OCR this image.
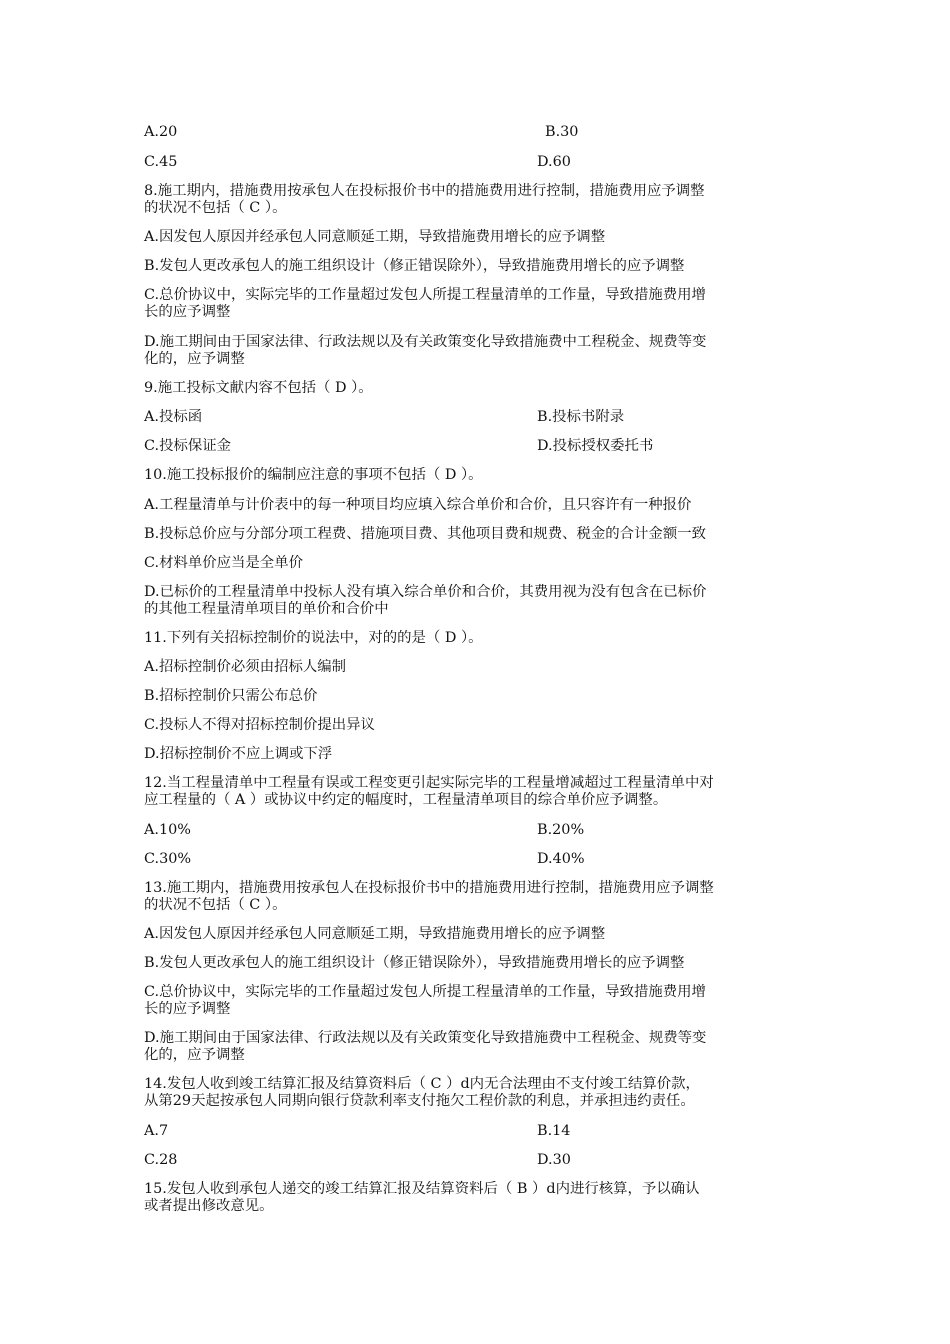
A.20	B.30
C.45	D.60
8.施工期内，措施费用按承包人在投标报价书中的措施费用进行控制，措施费用应予调整
的状况不包括（ C ）。
A.因发包人原因并经承包人同意顺延工期，导致措施费用增长的应予调整
B.发包人更改承包人的施工组织设计（修正错误除外），导致措施费用增长的应予调整
C.总价协议中，实际完毕的工作量超过发包人所提工程量清单的工作量，导致措施费用增
长的应予调整
D.施工期间由于国家法律、行政法规以及有关政策变化导致措施费中工程税金、规费等变
化的，应予调整
9.施工投标文献内容不包括（ D ）。
A.投标函	B.投标书附录
C.投标保证金	D.投标授权委托书
10.施工投标报价的编制应注意的事项不包括（ D ）。
A.工程量清单与计价表中的每一种项目均应填入综合单价和合价，且只容许有一种报价
B.投标总价应与分部分项工程费、措施项目费、其他项目费和规费、税金的合计金额一致
C.材料单价应当是全单价
D.已标价的工程量清单中投标人没有填入综合单价和合价，其费用视为没有包含在已标价
的其他工程量清单项目的单价和合价中
11.下列有关招标控制价的说法中，对的的是（ D ）。
A.招标控制价必须由招标人编制
B.招标控制价只需公布总价
C.投标人不得对招标控制价提出异议
D.招标控制价不应上调或下浮
12.当工程量清单中工程量有误或工程变更引起实际完毕的工程量增减超过工程量清单中对
应工程量的（ A ）或协议中约定的幅度时，工程量清单项目的综合单价应予调整。
A.10%	B.20%
C.30%	D.40%
13.施工期内，措施费用按承包人在投标报价书中的措施费用进行控制，措施费用应予调整
的状况不包括（ C ）。
A.因发包人原因并经承包人同意顺延工期，导致措施费用增长的应予调整
B.发包人更改承包人的施工组织设计（修正错误除外），导致措施费用增长的应予调整
C.总价协议中，实际完毕的工作量超过发包人所提工程量清单的工作量，导致措施费用增
长的应予调整
D.施工期间由于国家法律、行政法规以及有关政策变化导致措施费中工程税金、规费等变
化的，应予调整
14.发包人收到竣工结算汇报及结算资料后（ C ）d内无合法理由不支付竣工结算价款，
从第29天起按承包人同期向银行贷款利率支付拖欠工程价款的利息，并承担违约责任。
A.7	B.14
C.28	D.30
15.发包人收到承包人递交的竣工结算汇报及结算资料后（ B ）d内进行核算，予以确认
或者提出修改意见。
